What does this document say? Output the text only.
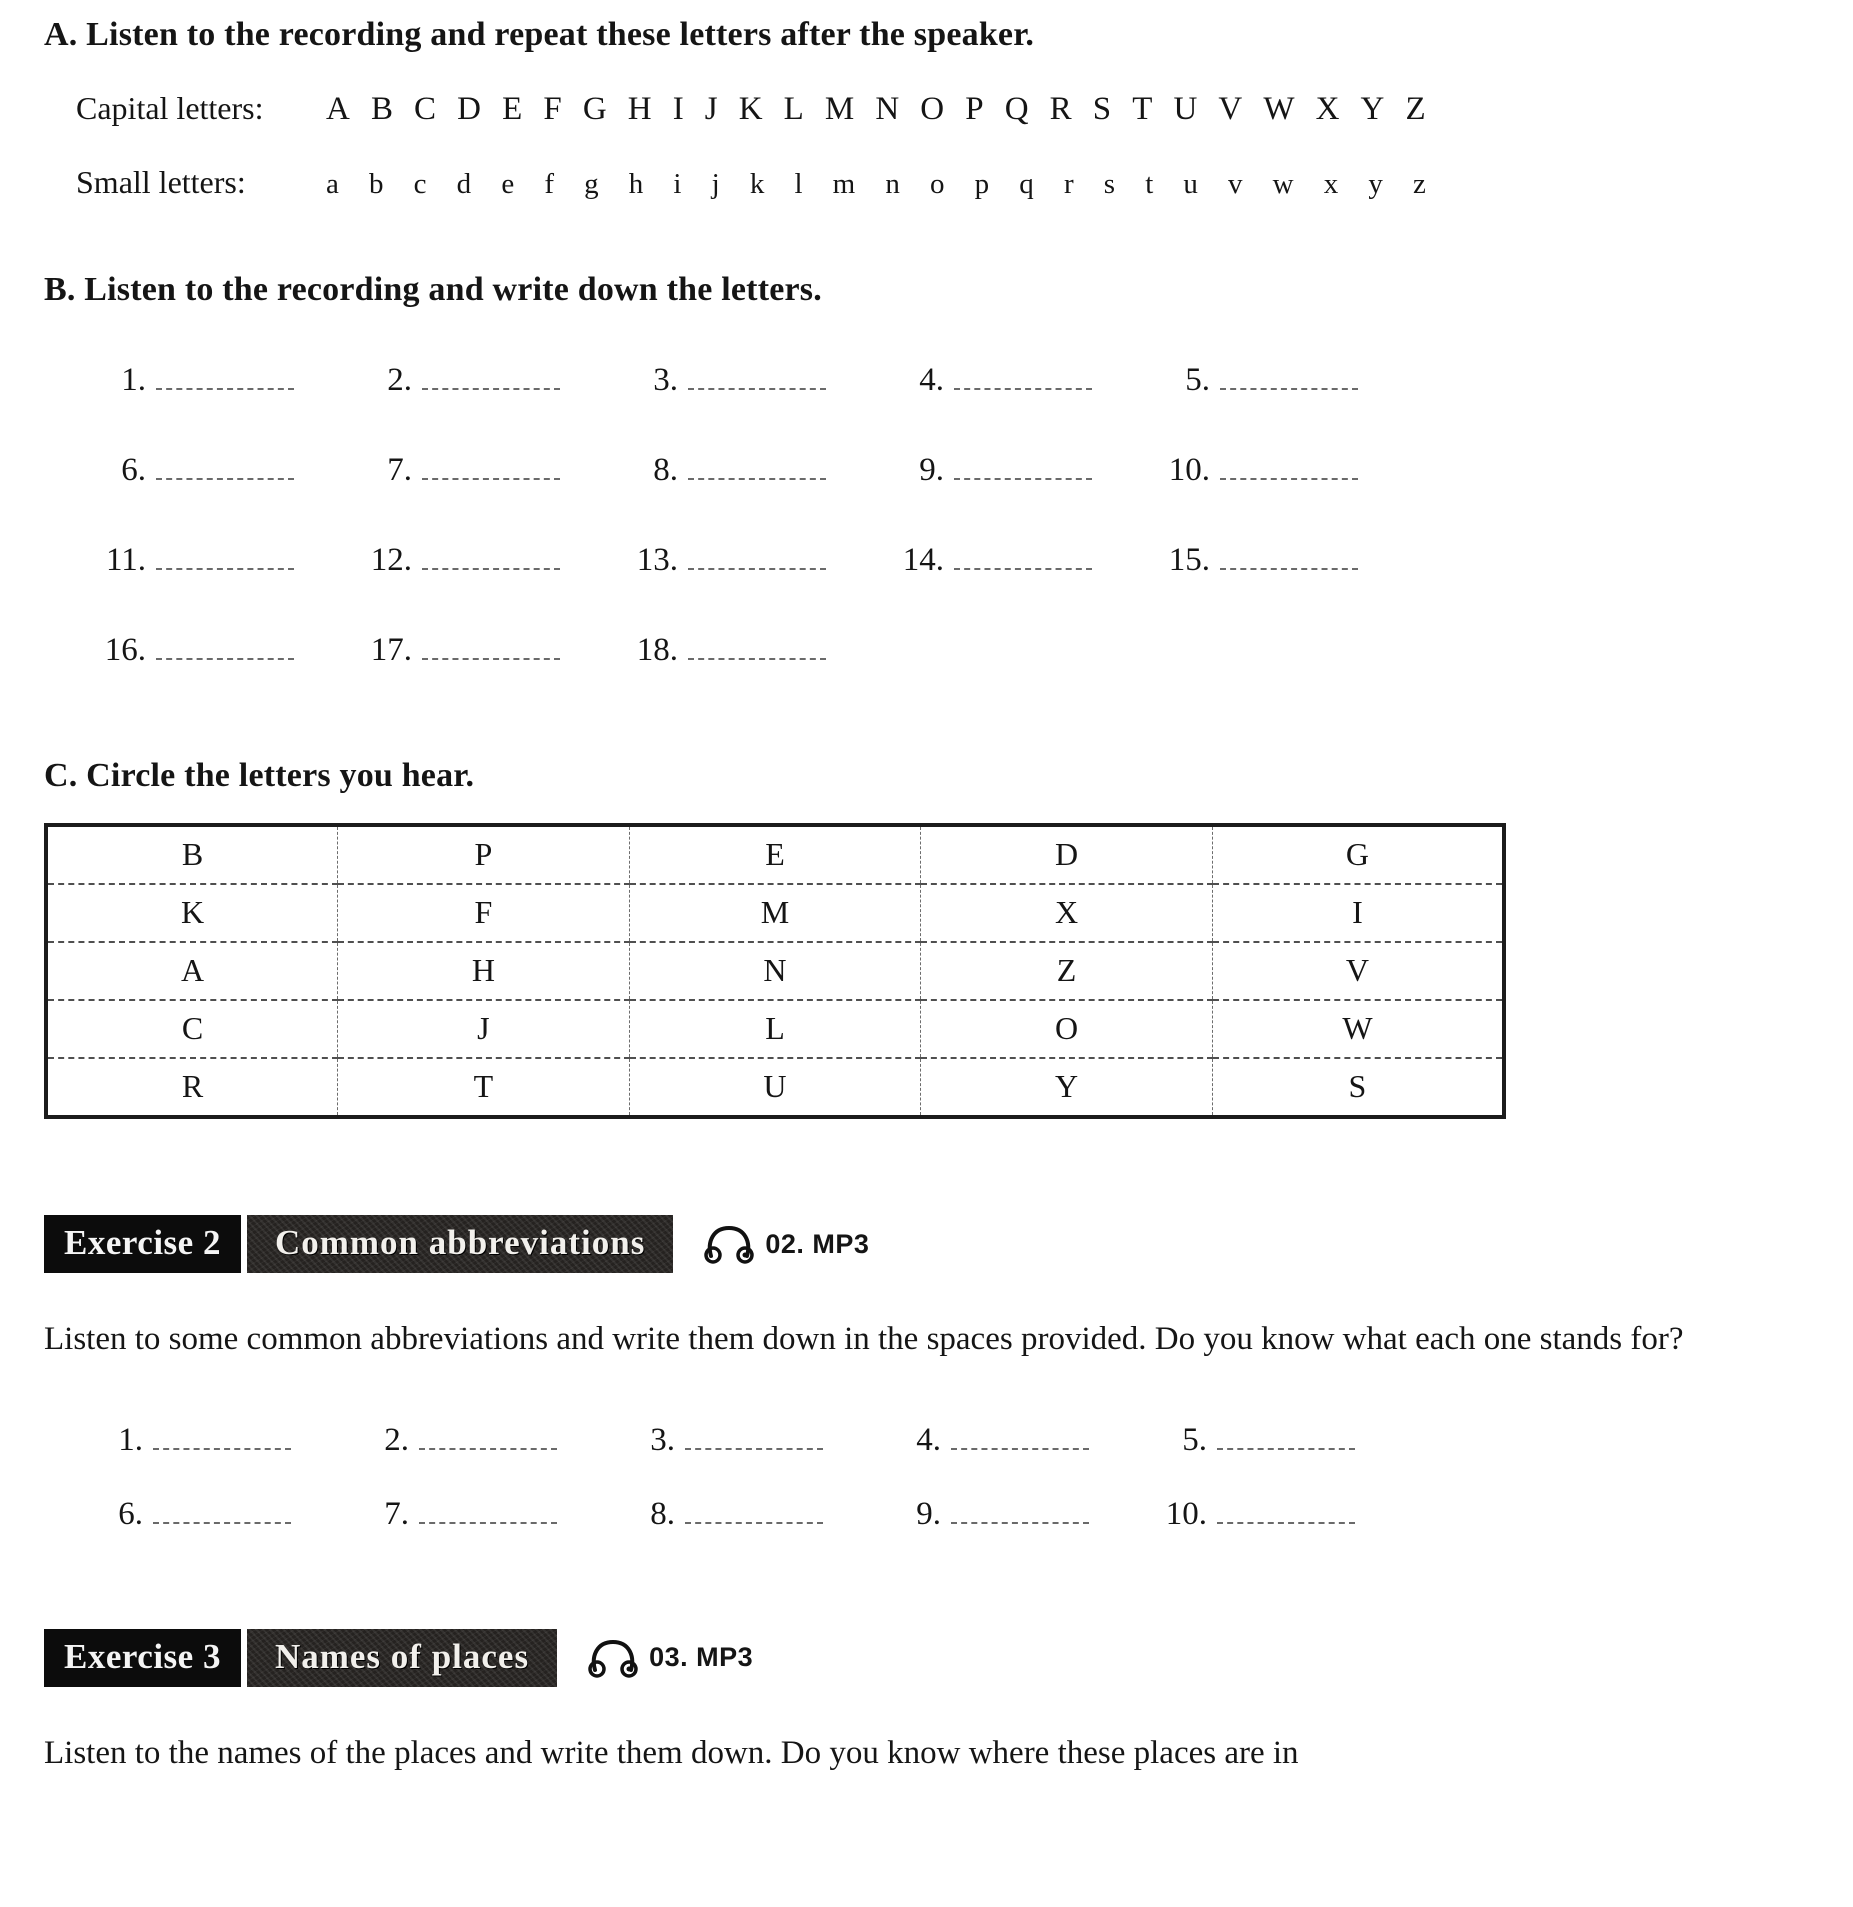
A. Listen to the recording and repeat these letters after the speaker.
Capital letters:	A B C D E F G H I J K L M N O P Q R S T U V W X Y Z
Small letters:	a b c d e f g h i j k l m n o p q r s t u v w x y z
B. Listen to the recording and write down the letters.
1.	2.	3.	4.	5.
6.	7.	8.	9.	10.
11.	12.	13.	14.	15.
16.	17.	18.
C. Circle the letters you hear.
B	P	E	D	G
K	F	M	X	I
A	H	N	Z	V
C	J	L	O	W
R	T	U	Y	S
Exercise 2	Common abbreviations	02. MP3

Listen to some common abbreviations and write them down in the spaces provided. Do you know what each one stands for?

1.	2.	3.	4.	5.
6.	7.	8.	9.	10.
Exercise 3	Names of places	03. MP3

Listen to the names of the places and write them down. Do you know where these places are in
